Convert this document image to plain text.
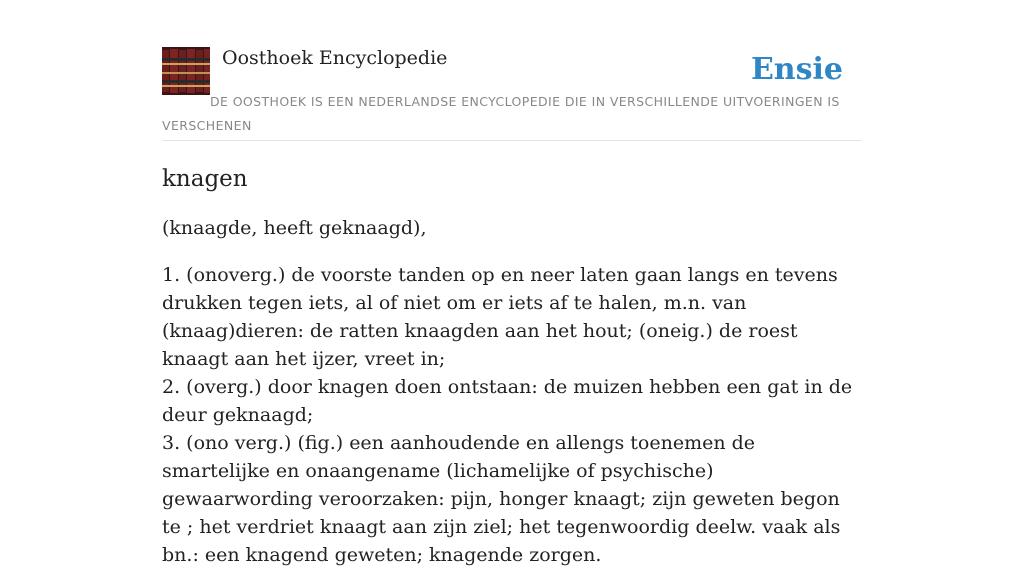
Oosthoek Encyclopedie	Ensie
DE OOSTHOEK IS EEN NEDERLANDSE ENCYCLOPEDIE DIE IN VERSCHILLENDE UITVOERINGEN IS VERSCHENEN
knagen

(knaagde, heeft geknaagd),

1. (onoverg.) de voorste tanden op en neer laten gaan langs en tevens drukken tegen iets, al of niet om er iets af te halen, m.n. van (knaag)dieren: de ratten knaagden aan het hout; (oneig.) de roest knaagt aan het ijzer, vreet in;
2. (overg.) door knagen doen ontstaan: de muizen hebben een gat in de deur geknaagd;
3. (ono verg.) (fig.) een aanhoudende en allengs toenemen de smartelijke en onaangename (lichamelijke of psychische) gewaarwording veroorzaken: pijn, honger knaagt; zijn geweten begon te ; het verdriet knaagt aan zijn ziel; het tegenwoordig deelw. vaak als bn.: een knagend geweten; knagende zorgen.
